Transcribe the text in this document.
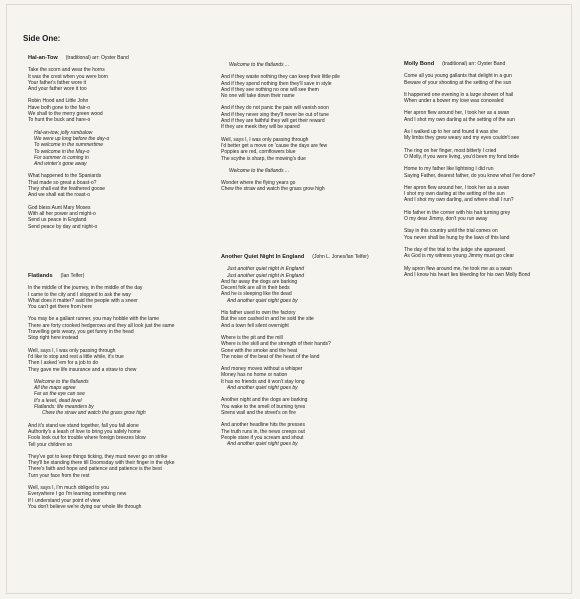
Side One:
Hal-an-Tow (traditional) arr: Oyster Band
Take the scorn and wear the horns
It was the crest when you were born
Your father's father wore it
And your father wore it too
Robin Hood and Little John
Have both gone to the fair-o
We shall to the merry green wood
To hunt the buck and hare-o
Hal-an-tow, jolly rumbalow
We were up long before the day-o
To welcome in the summertime
To welcome in the May-o
For summer is coming in
And winter's gone away
What happened to the Spaniards
That made so great a boast-o?
They shall eat the feathered goose
And we shall eat the roast-o
God bless Aunt Mary Moses
With all her power and might-o
Send us peace in England
Send peace by day and night-o
Flatlands (Ian Telfer)
In the middle of the journey, in the middle of the day
I came to the city and I stopped to ask the way
What does it matter? said the people with a sneer
You can't get there from here
You may be a gallant runner, you may hobble with the lame
There are forty crooked hedgerows and they all look just the same
Travelling gets weary, you get funny in the head
Stop right here instead
Well, says I, I was only passing through
I'd like to stop and rest a little while, it's true
Then I asked 'em for a job to do
They gave me life insurance and a straw to chew
Welcome to the flatlands
All the maps agree
Far as the eye can see
It's a level, dead level
Flatlands: life meanders by
Chew the straw and watch the grass grow high
And it's stand we stand together, fall you fall alone
Authority's a leash of love to bring you safely home
Fools look out for trouble where foreign breezes blow
Tell your children so
They've got to keep things ticking, they must never go on strike
They'll be standing there till Doomsday with their finger in the dyke
There's faith and hope and patience and patience is the best
Turn your face from the rest
Well, says I, I'm much obliged to you
Everywhere I go I'm learning something new
If I understand your point of view
You don't believe we're dying our whole life through
Welcome to the flatlands ...
And if they waste nothing they can keep their little pile
And if they spend nothing then they'll save in style
And if they see nothing no one will see them
No one will take down their name
And if they do not panic the pain will vanish soon
And if they never sing they'll never be out of tune
And if they are faithful they will get their reward
If they are meek they will be spared
Well, says I, I was only passing through
I'd better get a move on 'cause the days are few
Poppies are red, cornflowers blue
The scythe is sharp, the mowing's due
Welcome to the flatlands ...
Wonder where the flying years go
Chew the straw and watch the grass grow high
Another Quiet Night In England (John L. Jones/Ian Telfer)
Just another quiet night in England
Just another quiet night in England
And far away the dogs are barking
Decent folk are all in their beds
And he is sleeping like the dead
And another quiet night goes by
His father used to own the factory
But the son cashed in and he sold the site
And a town fell silent overnight
Where is the pit and the mill
Where is the skill and the strength of their hands?
Gone with the smoke and the heat
The noise of the beat of the heart of the land
And money moves without a whisper
Money has no home or nation
It has no friends and it won't stay long
And another quiet night goes by
Another night and the dogs are barking
You wake to the smell of burning tyres
Sirens wail and the street's on fire
And another headline hits the presses
The truth runs in, the news creeps out
People stare if you scream and shout
And another quiet night goes by
Molly Bond (traditional) arr: Oyster Band
Come all you young gallants that delight in a gun
Beware of your shooting at the setting of the sun
It happened one evening in a large shower of hail
When under a bower my love was concealed
Her apron flew around her, I took her as a swan
And I shot my own darling at the setting of the sun
As I walked up to her and found it was she
My limbs they grew weary and my eyes couldn't see
The ring on her finger, most bitterly I cried
O Molly, if you were living, you'd been my fond bride
Home to my father like lightning I did run
Saying Father, dearest father, do you know what I've done?
Her apron flew around her, I took her as a swan
I shot my own darling at the setting of the sun
And I shot my own darling, and where shall I run?
His father in the corner with his hair turning grey
O my dear Jimmy, don't you run away
Stay in this country until the trial comes on
You never shall be hung by the laws of this land
The day of the trial to the judge she appeared
As God is my witness young Jimmy must go clear
My apron flew around me, he took me as a swan
And I know his heart lies bleeding for his own Molly Bond
